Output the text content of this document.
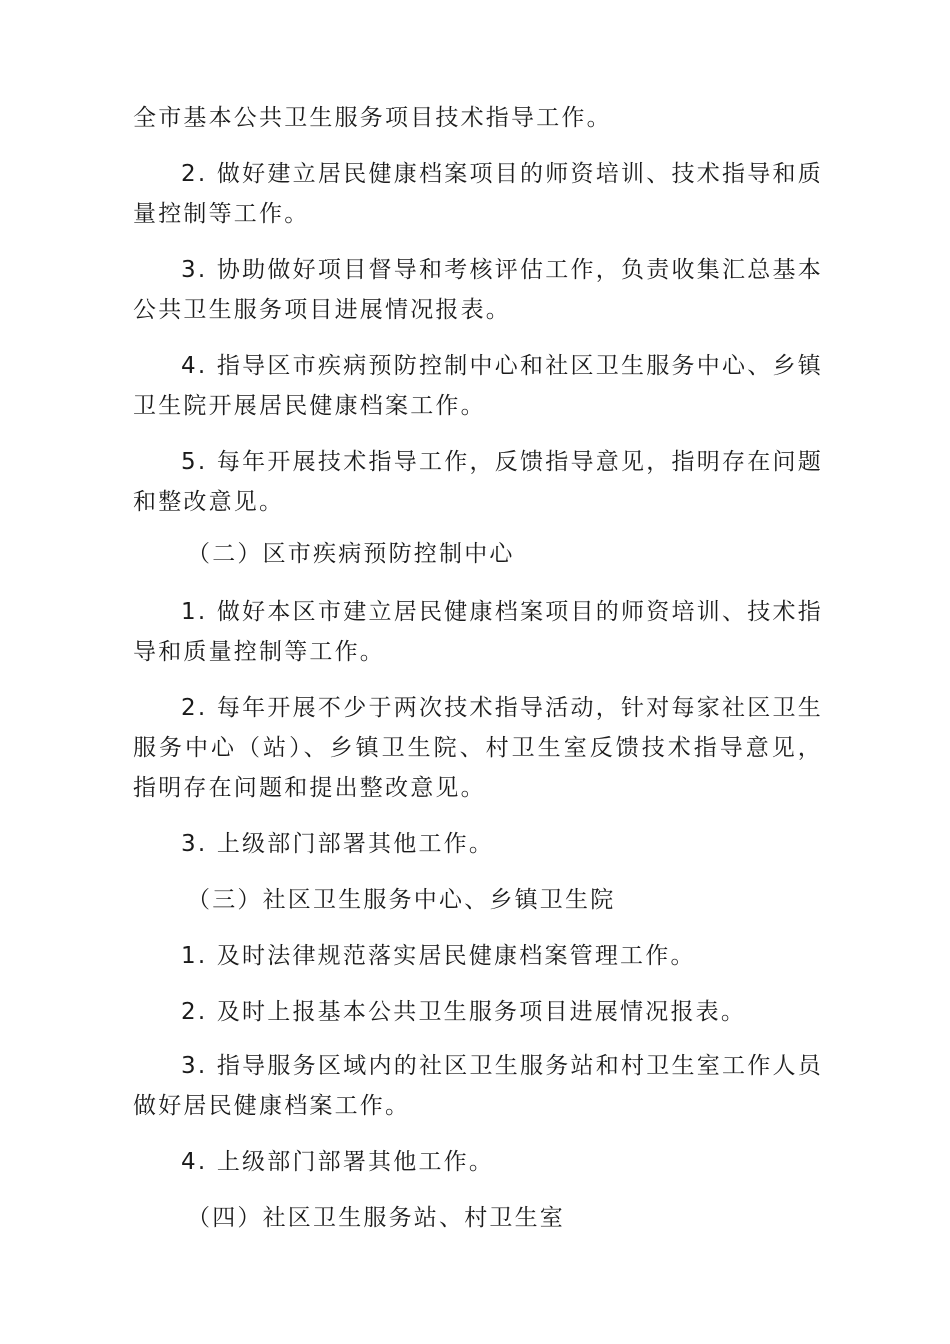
全市基本公共卫生服务项目技术指导工作。

2. 做好建立居民健康档案项目的师资培训、技术指导和质量控制等工作。

3. 协助做好项目督导和考核评估工作，负责收集汇总基本公共卫生服务项目进展情况报表。

4. 指导区市疾病预防控制中心和社区卫生服务中心、乡镇卫生院开展居民健康档案工作。

5. 每年开展技术指导工作，反馈指导意见，指明存在问题和整改意见。

（二）区市疾病预防控制中心

1. 做好本区市建立居民健康档案项目的师资培训、技术指导和质量控制等工作。

2. 每年开展不少于两次技术指导活动，针对每家社区卫生服务中心（站）、乡镇卫生院、村卫生室反馈技术指导意见，指明存在问题和提出整改意见。

3. 上级部门部署其他工作。

（三）社区卫生服务中心、乡镇卫生院

1. 及时法律规范落实居民健康档案管理工作。

2. 及时上报基本公共卫生服务项目进展情况报表。

3. 指导服务区域内的社区卫生服务站和村卫生室工作人员做好居民健康档案工作。

4. 上级部门部署其他工作。

（四）社区卫生服务站、村卫生室
